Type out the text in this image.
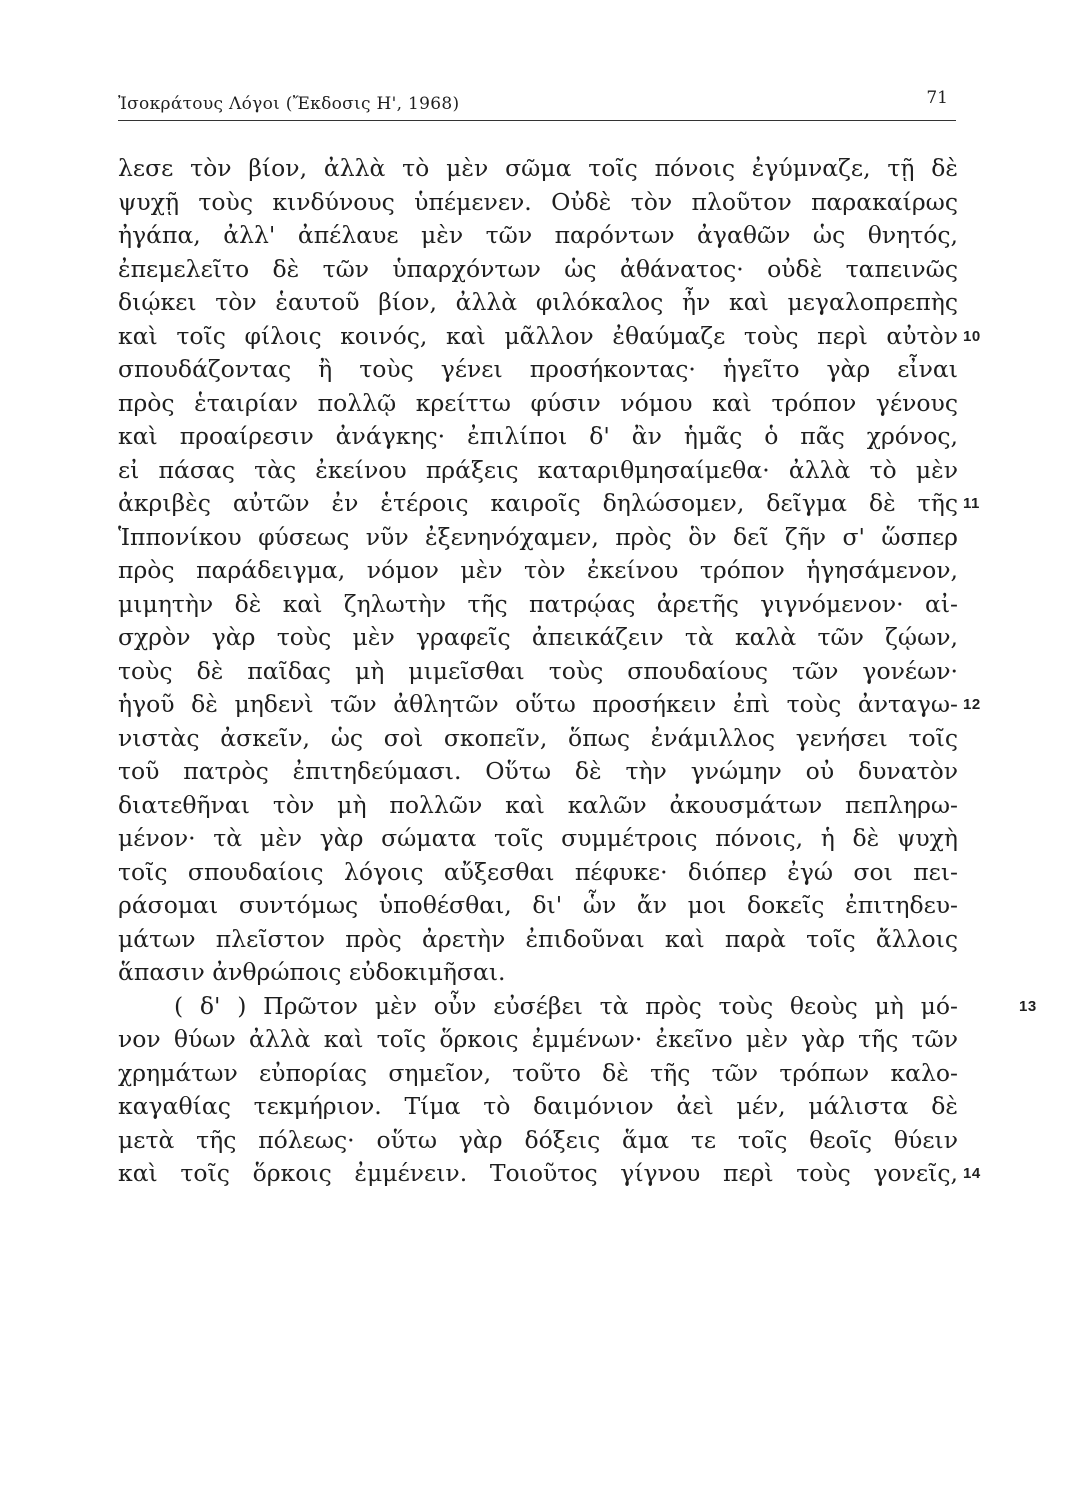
Ἰσοκράτους Λόγοι (Ἔκδοσις Η', 1968)	71
λεσε τὸν βίον, ἀλλὰ τὸ μὲν σῶμα τοῖς πόνοις ἐγύμναζε, τῇ δὲ
ψυχῇ τοὺς κινδύνους ὑπέμενεν. Οὐδὲ τὸν πλοῦτον παρακαίρως
ἠγάπα, ἀλλ' ἀπέλαυε μὲν τῶν παρόντων ἀγαθῶν ὡς θνητός,
ἐπεμελεῖτο δὲ τῶν ὑπαρχόντων ὡς ἀθάνατος· οὐδὲ ταπεινῶς
διῴκει τὸν ἑαυτοῦ βίον, ἀλλὰ φιλόκαλος ἦν καὶ μεγαλοπρεπὴς
καὶ τοῖς φίλοις κοινός, καὶ μᾶλλον ἐθαύμαζε τοὺς περὶ αὐτὸν 10
σπουδάζοντας ἢ τοὺς γένει προσήκοντας· ἡγεῖτο γὰρ εἶναι
πρὸς ἑταιρίαν πολλῷ κρείττω φύσιν νόμου καὶ τρόπον γένους
καὶ προαίρεσιν ἀνάγκης· ἐπιλίποι δ' ἂν ἡμᾶς ὁ πᾶς χρόνος,
εἰ πάσας τὰς ἐκείνου πράξεις καταριθμησαίμεθα· ἀλλὰ τὸ μὲν
ἀκριβὲς αὐτῶν ἐν ἑτέροις καιροῖς δηλώσομεν, δεῖγμα δὲ τῆς 11
Ἱππονίκου φύσεως νῦν ἐξενηνόχαμεν, πρὸς ὃν δεῖ ζῆν σ' ὥσπερ
πρὸς παράδειγμα, νόμον μὲν τὸν ἐκείνου τρόπον ἡγησάμενον,
μιμητὴν δὲ καὶ ζηλωτὴν τῆς πατρῴας ἀρετῆς γιγνόμενον· αἰ-
σχρὸν γὰρ τοὺς μὲν γραφεῖς ἀπεικάζειν τὰ καλὰ τῶν ζῴων,
τοὺς δὲ παῖδας μὴ μιμεῖσθαι τοὺς σπουδαίους τῶν γονέων·
ἡγοῦ δὲ μηδενὶ τῶν ἀθλητῶν οὕτω προσήκειν ἐπὶ τοὺς ἀνταγω- 12
νιστὰς ἀσκεῖν, ὡς σοὶ σκοπεῖν, ὅπως ἐνάμιλλος γενήσει τοῖς
τοῦ πατρὸς ἐπιτηδεύμασι. Οὕτω δὲ τὴν γνώμην οὐ δυνατὸν
διατεθῆναι τὸν μὴ πολλῶν καὶ καλῶν ἀκουσμάτων πεπληρω-
μένον· τὰ μὲν γὰρ σώματα τοῖς συμμέτροις πόνοις, ἡ δὲ ψυχὴ
τοῖς σπουδαίοις λόγοις αὔξεσθαι πέφυκε· διόπερ ἐγώ σοι πει-
ράσομαι συντόμως ὑποθέσθαι, δι' ὧν ἄν μοι δοκεῖς ἐπιτηδευ-
μάτων πλεῖστον πρὸς ἀρετὴν ἐπιδοῦναι καὶ παρὰ τοῖς ἄλλοις
ἅπασιν ἀνθρώποις εὐδοκιμῆσαι.
( δ' ) Πρῶτον μὲν οὖν εὐσέβει τὰ πρὸς τοὺς θεοὺς μὴ μό-	13
νον θύων ἀλλὰ καὶ τοῖς ὅρκοις ἐμμένων· ἐκεῖνο μὲν γὰρ τῆς τῶν
χρημάτων εὐπορίας σημεῖον, τοῦτο δὲ τῆς τῶν τρόπων καλο-
καγαθίας τεκμήριον. Τίμα τὸ δαιμόνιον ἀεὶ μέν, μάλιστα δὲ
μετὰ τῆς πόλεως· οὕτω γὰρ δόξεις ἅμα τε τοῖς θεοῖς θύειν
καὶ τοῖς ὅρκοις ἐμμένειν. Τοιοῦτος γίγνου περὶ τοὺς γονεῖς, 14
